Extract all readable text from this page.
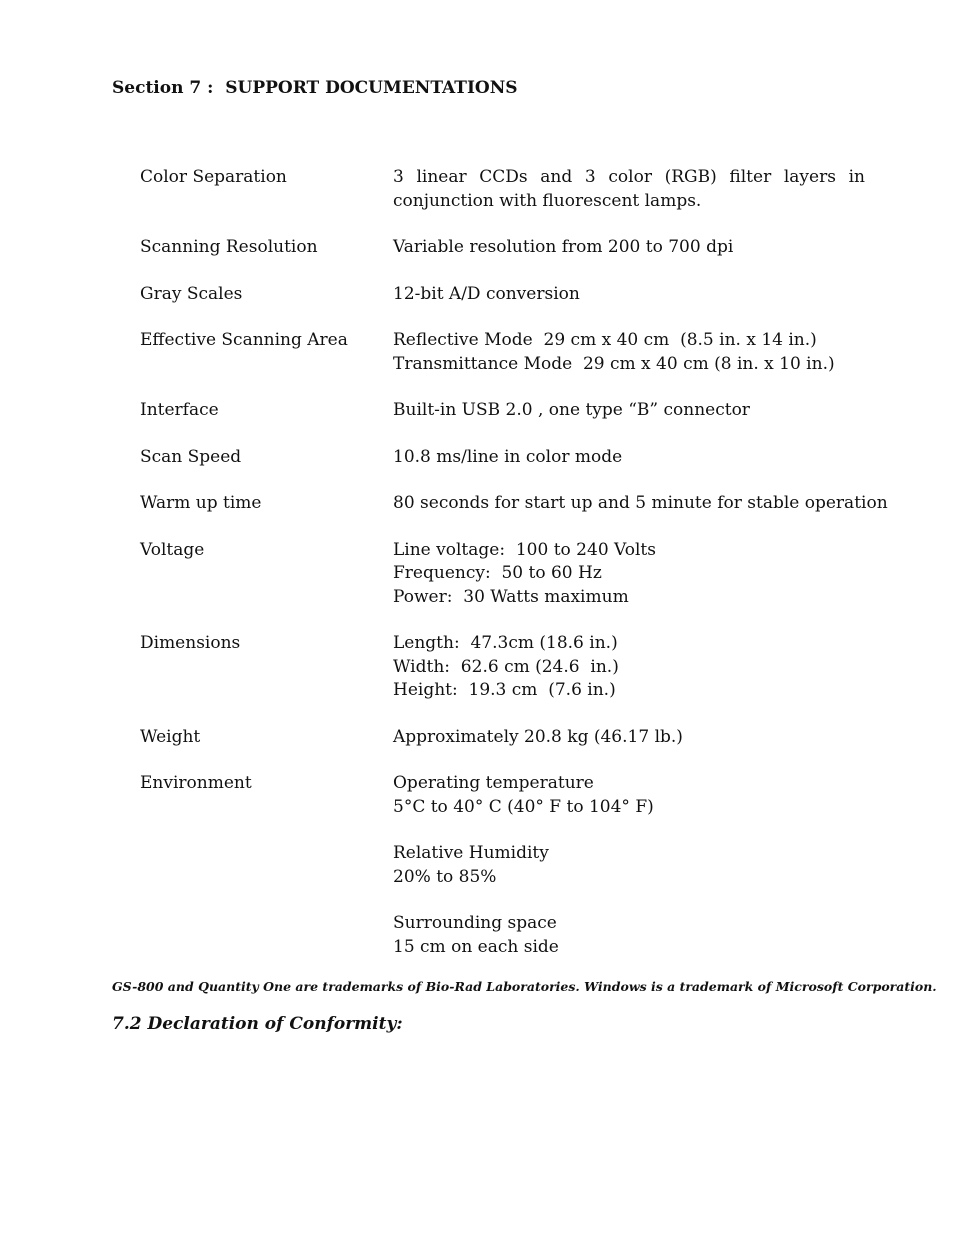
Section 7 :  SUPPORT DOCUMENTATIONS
Color Separation	3 linear CCDs and 3 color (RGB) filter layers in conjunction with fluorescent lamps.
Scanning Resolution	Variable resolution from 200 to 700 dpi
Gray Scales	12-bit A/D conversion
Effective Scanning Area	Reflective Mode  29 cm x 40 cm  (8.5 in. x 14 in.)
Transmittance Mode  29 cm x 40 cm (8 in. x 10 in.)
Interface	Built-in USB 2.0 , one type “B” connector
Scan Speed	10.8 ms/line in color mode
Warm up time	80 seconds for start up and 5 minute for stable operation
Voltage	Line voltage:  100 to 240 Volts
Frequency:  50 to 60 Hz
Power:  30 Watts maximum
Dimensions	Length:  47.3cm (18.6 in.)
Width:  62.6 cm (24.6  in.)
Height:  19.3 cm  (7.6 in.)
Weight	Approximately 20.8 kg (46.17 lb.)
Environment	Operating temperature
5°C to 40° C (40° F to 104° F)
Relative Humidity
20% to 85%
Surrounding space
15 cm on each side
GS-800 and Quantity One are trademarks of Bio-Rad Laboratories. Windows is a trademark of Microsoft Corporation.
7.2 Declaration of Conformity:
